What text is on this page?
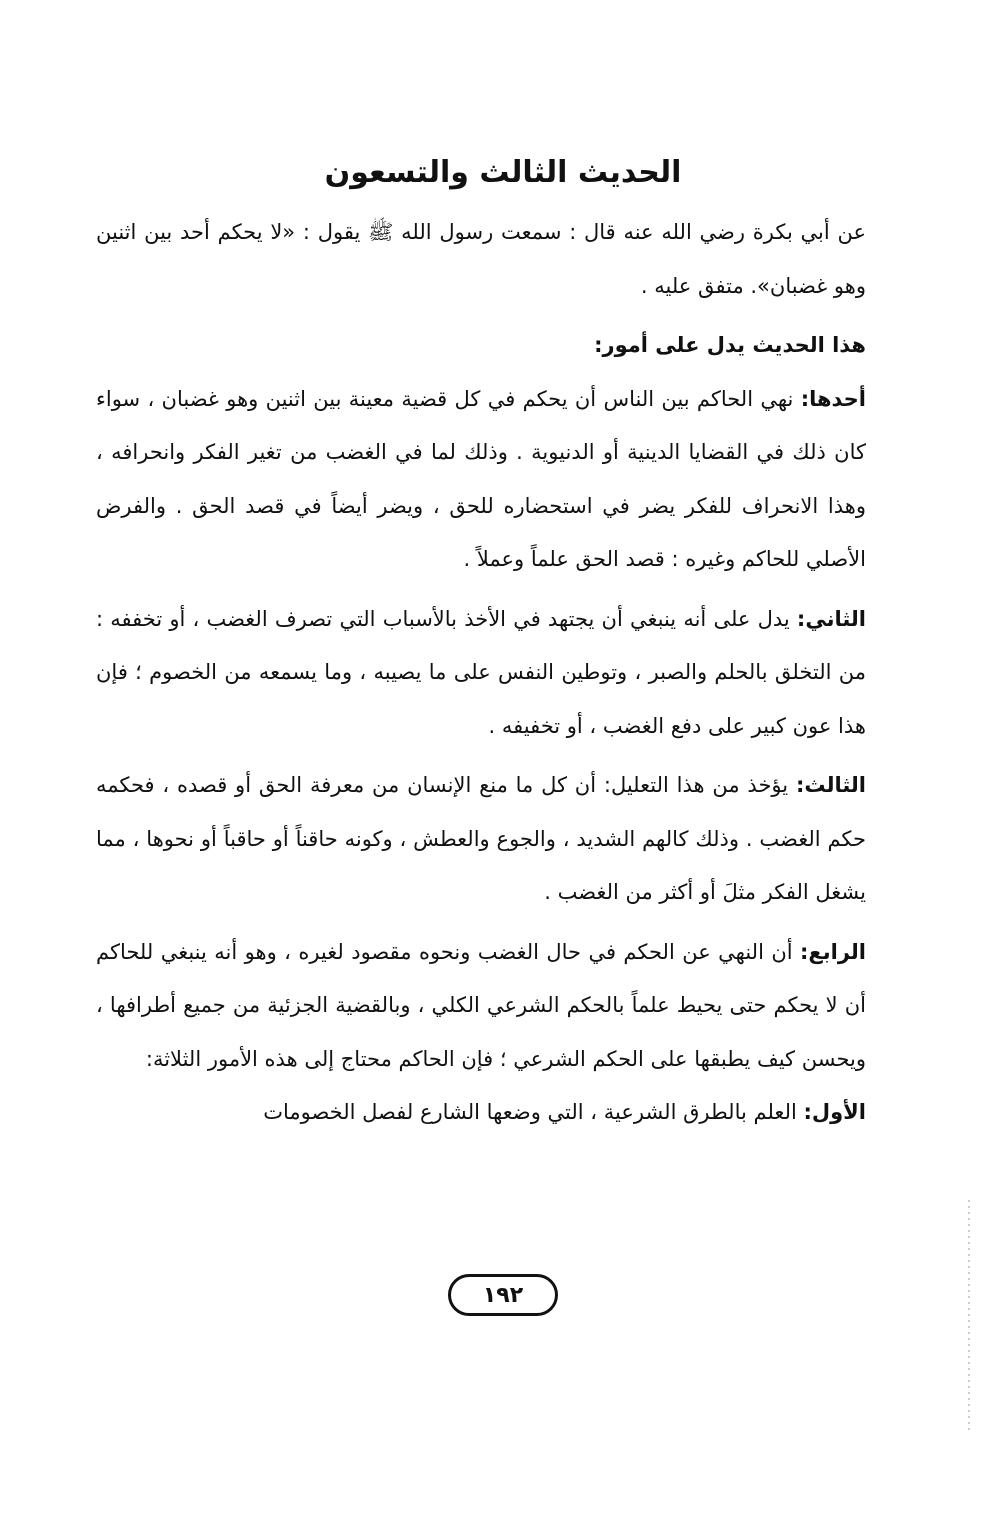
الحديث الثالث والتسعون

عن أبي بكرة رضي الله عنه قال : سمعت رسول الله ﷺ يقول : «لا يحكم أحد بين اثنين وهو غضبان». متفق عليه .

هذا الحديث يدل على أمور:

أحدها: نهي الحاكم بين الناس أن يحكم في كل قضية معينة بين اثنين وهو غضبان ، سواء كان ذلك في القضايا الدينية أو الدنيوية . وذلك لما في الغضب من تغير الفكر وانحرافه ، وهذا الانحراف للفكر يضر في استحضاره للحق ، ويضر أيضاً في قصد الحق . والفرض الأصلي للحاكم وغيره : قصد الحق علماً وعملاً .

الثاني: يدل على أنه ينبغي أن يجتهد في الأخذ بالأسباب التي تصرف الغضب ، أو تخففه : من التخلق بالحلم والصبر ، وتوطين النفس على ما يصيبه ، وما يسمعه من الخصوم ؛ فإن هذا عون كبير على دفع الغضب ، أو تخفيفه .

الثالث: يؤخذ من هذا التعليل: أن كل ما منع الإنسان من معرفة الحق أو قصده ، فحكمه حكم الغضب . وذلك كالهم الشديد ، والجوع والعطش ، وكونه حاقناً أو حاقباً أو نحوها ، مما يشغل الفكر مثلَ أو أكثر من الغضب .

الرابع: أن النهي عن الحكم في حال الغضب ونحوه مقصود لغيره ، وهو أنه ينبغي للحاكم أن لا يحكم حتى يحيط علماً بالحكم الشرعي الكلي ، وبالقضية الجزئية من جميع أطرافها ، ويحسن كيف يطبقها على الحكم الشرعي ؛ فإن الحاكم محتاج إلى هذه الأمور الثلاثة:

الأول: العلم بالطرق الشرعية ، التي وضعها الشارع لفصل الخصومات

١٩٢
